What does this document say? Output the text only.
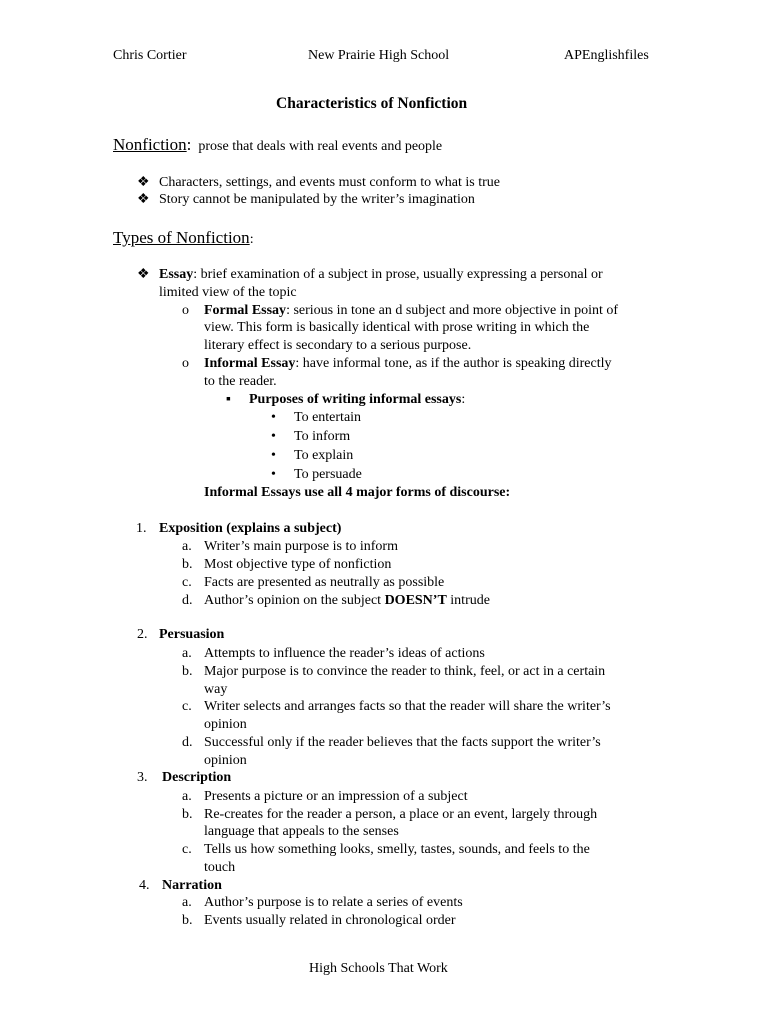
Chris Cortier	New Prairie High School	APEnglishfiles
Characteristics of Nonfiction
Nonfiction: prose that deals with real events and people
❖ Characters, settings, and events must conform to what is true
❖ Story cannot be manipulated by the writer’s imagination
Types of Nonfiction:
❖ Essay: brief examination of a subject in prose, usually expressing a personal or
limited view of the topic
o Formal Essay: serious in tone an d subject and more objective in point of
view. This form is basically identical with prose writing in which the
literary effect is secondary to a serious purpose.
o Informal Essay: have informal tone, as if the author is speaking directly
to the reader.
▪ Purposes of writing informal essays:
• To entertain
• To inform
• To explain
• To persuade
Informal Essays use all 4 major forms of discourse:
1. Exposition (explains a subject)
a. Writer’s main purpose is to inform
b. Most objective type of nonfiction
c. Facts are presented as neutrally as possible
d. Author’s opinion on the subject DOESN’T intrude
2. Persuasion
a. Attempts to influence the reader’s ideas of actions
b. Major purpose is to convince the reader to think, feel, or act in a certain
way
c. Writer selects and arranges facts so that the reader will share the writer’s
opinion
d. Successful only if the reader believes that the facts support the writer’s
opinion
3. Description
a. Presents a picture or an impression of a subject
b. Re-creates for the reader a person, a place or an event, largely through
language that appeals to the senses
c. Tells us how something looks, smelly, tastes, sounds, and feels to the
touch
4. Narration
a. Author’s purpose is to relate a series of events
b. Events usually related in chronological order
High Schools That Work
